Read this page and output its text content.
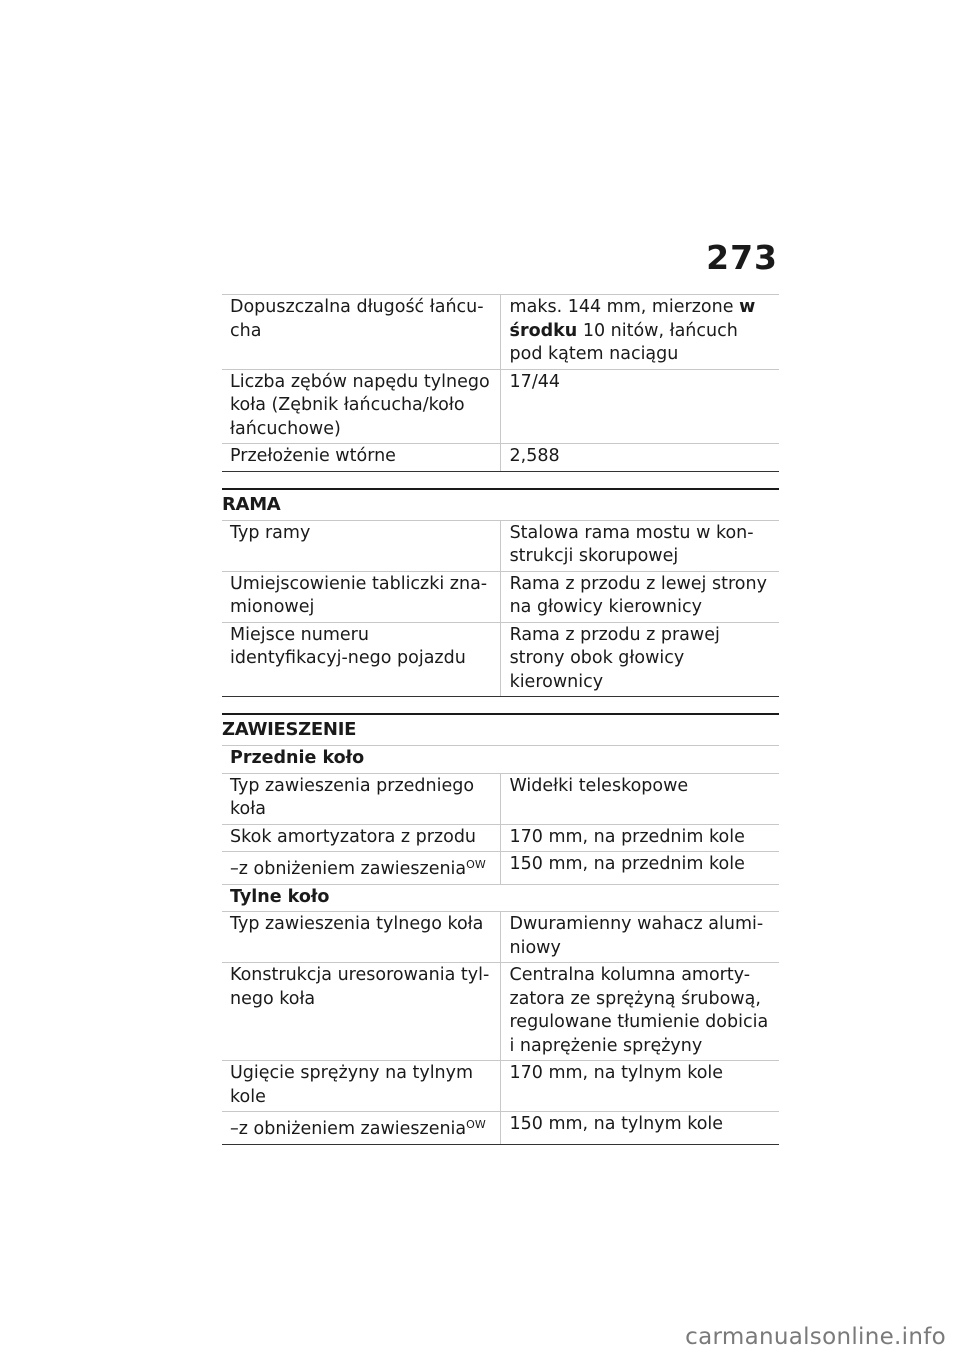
273
Dopuszczalna długość łańcu-cha	maks. 144 mm, mierzone w środku 10 nitów, łańcuch pod kątem naciągu
Liczba zębów napędu tylnego koła (Zębnik łańcucha/koło łańcuchowe)	17/44
Przełożenie wtórne	2,588
RAMA
Typ ramy	Stalowa rama mostu w kon-strukcji skorupowej
Umiejscowienie tabliczki zna-mionowej	Rama z przodu z lewej strony na głowicy kierownicy
Miejsce numeru identyfikacyj-nego pojazdu	Rama z przodu z prawej strony obok głowicy kierownicy
ZAWIESZENIE
Przednie koło	
Typ zawieszenia przedniego koła	Widełki teleskopowe
Skok amortyzatora z przodu	170 mm, na przednim kole
–z obniżeniem zawieszenia$^{OW}$	150 mm, na przednim kole
Tylne koło	
Typ zawieszenia tylnego koła	Dwuramienny wahacz alumi-niowy
Konstrukcja uresorowania tyl-nego koła	Centralna kolumna amorty-zatora ze sprężyną śrubową, regulowane tłumienie dobicia i naprężenie sprężyny
Ugięcie sprężyny na tylnym kole	170 mm, na tylnym kole
–z obniżeniem zawieszenia$^{OW}$	150 mm, na tylnym kole
carmanualsonline.info
